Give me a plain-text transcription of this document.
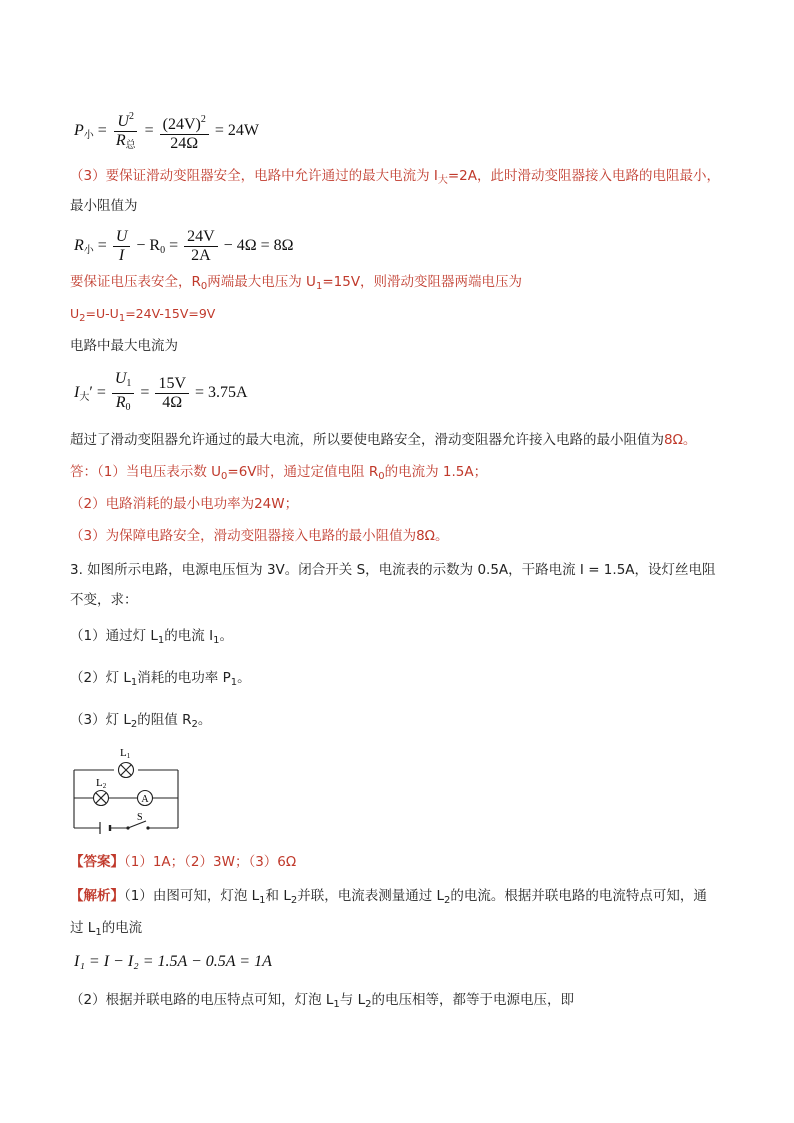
$P_小 = \frac{U^2}{R_总} = \frac{(24V)^2}{24\Omega} = 24W$
（3）要保证滑动变阻器安全，电路中允许通过的最大电流为 $I_大=2A$，此时滑动变阻器接入电路的电阻最小，
最小阻值为
$R_小 = \frac{U}{I} - R_0 = \frac{24V}{2A} - 4\Omega = 8\Omega$
要保证电压表安全，$R_0$两端最大电压为 $U_1=15V$，则滑动变阻器两端电压为
$U_2=U-U_1=24V-15V=9V$
电路中最大电流为
$I_大' = \frac{U_1}{R_0} = \frac{15V}{4\Omega} = 3.75A$
超过了滑动变阻器允许通过的最大电流，所以要使电路安全，滑动变阻器允许接入电路的最小阻值为8Ω。
答：（1）当电压表示数 $U_0=6V$时，通过定值电阻 $R_0$的电流为 1.5A；
（2）电路消耗的最小电功率为24W；
（3）为保障电路安全，滑动变阻器接入电路的最小阻值为8Ω。
3. 如图所示电路，电源电压恒为 3V。闭合开关 S，电流表的示数为 0.5A，干路电流 I = 1.5A，设灯丝电阻
不变，求：
（1）通过灯 $L_1$的电流 $I_1$。
（2）灯 $L_1$消耗的电功率 $P_1$。
（3）灯 $L_2$的阻值 $R_2$。
L1
L2
A
S
【答案】（1）1A；（2）3W；（3）6Ω
【解析】（1）由图可知，灯泡 $L_1$和 $L_2$并联，电流表测量通过 $L_2$的电流。根据并联电路的电流特点可知，通
过 $L_1$的电流
I₁ = I − I₂ = 1.5A − 0.5A = 1A
（2）根据并联电路的电压特点可知，灯泡 $L_1$与 $L_2$的电压相等，都等于电源电压，即
